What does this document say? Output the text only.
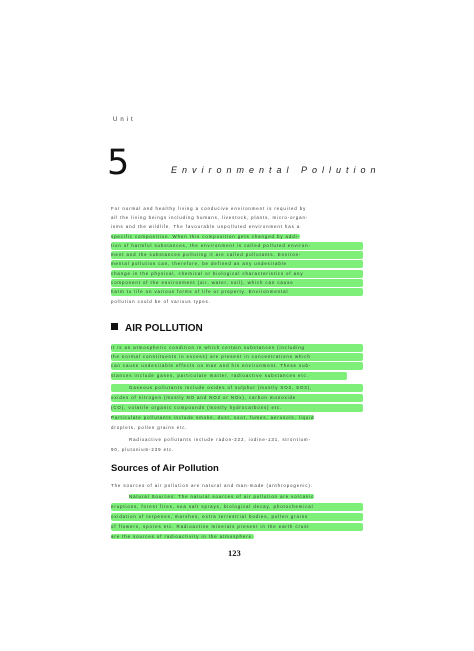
Unit
5	Environmental Pollution
For normal and healthy living a conducive environment is required by
all the living beings including humans, livestock, plants, micro-organ-
isms and the wildlife. The favourable unpolluted environment has a
specific composition. When this composition gets changed by addi-
tion of harmful substances, the environment is called polluted environ-
ment and the substances polluting it are called pollutants. Environ-
mental pollution can, therefore, be defined as any undesirable
change in the physical, chemical or biological characteristics of any
component of the environment (air, water, soil), which can cause
harm to life on various forms of life or property. Environmental
pollution could be of various types.
AIR POLLUTION
It is an atmospheric condition in which certain substances (including
the normal constituents in excess) are present in concentrations which
can cause undesirable effects on man and his environment. These sub-
stances include gases, particulate matter, radioactive substances etc.
Gaseous pollutants include oxides of sulphur (mostly SO2, SO3),
oxides of nitrogen (mostly NO and NO2 or NOx), carbon monoxide
(CO), volatile organic compounds (mostly hydrocarbons) etc.
Particulate pollutants include smoke, dust, soot, fumes, aerosols, liquid
droplets, pollen grains etc.
Radioactive pollutants include radon-222, iodine-131, strontium-
90, plutonium-239 etc.
Sources of Air Pollution
The sources of air pollution are natural and man-made (anthropogenic).
Natural Sources: The natural sources of air pollution are volcanic
eruptions, forest fires, sea salt sprays, biological decay, photochemical
oxidation of terpenes, marshes, extra terrestrial bodies, pollen grains
of flowers, spores etc. Radioactive minerals present in the earth crust
are the sources of radioactivity in the atmosphere.
123
